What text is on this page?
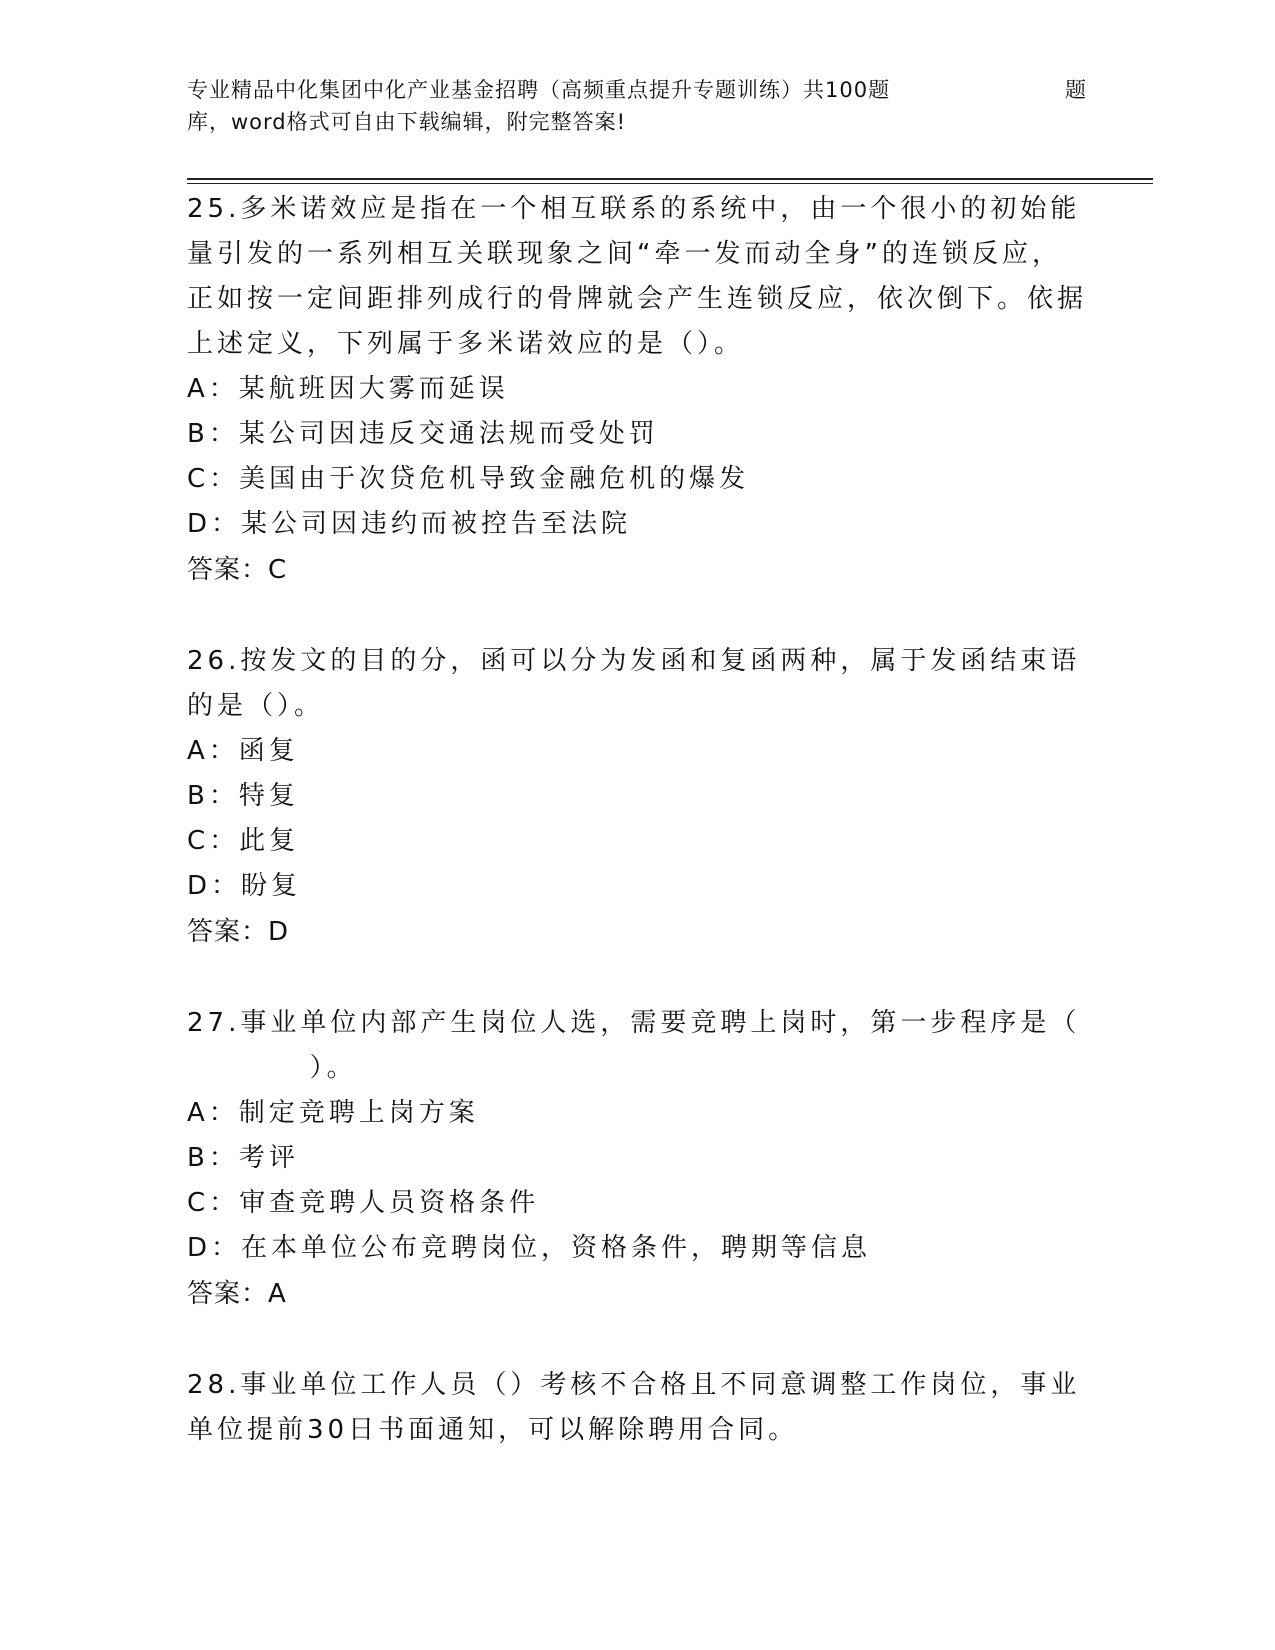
专业精品中化集团中化产业基金招聘（高频重点提升专题训练）共100题	题
库，word格式可自由下载编辑，附完整答案!

25.多米诺效应是指在一个相互联系的系统中，由一个很小的初始能量引发的一系列相互关联现象之间“牵一发而动全身”的连锁反应，正如按一定间距排列成行的骨牌就会产生连锁反应，依次倒下。依据上述定义，下列属于多米诺效应的是（）。

A：某航班因大雾而延误

B：某公司因违反交通法规而受处罚

C：美国由于次贷危机导致金融危机的爆发

D：某公司因违约而被控告至法院

答案：C

26.按发文的目的分，函可以分为发函和复函两种，属于发函结束语的是（）。

A：函复

B：特复

C：此复

D：盼复

答案：D

27.事业单位内部产生岗位人选，需要竞聘上岗时，第一步程序是（
）。

A：制定竞聘上岗方案

B：考评

C：审查竞聘人员资格条件

D：在本单位公布竞聘岗位，资格条件，聘期等信息

答案：A

28.事业单位工作人员（）考核不合格且不同意调整工作岗位，事业单位提前30日书面通知，可以解除聘用合同。
